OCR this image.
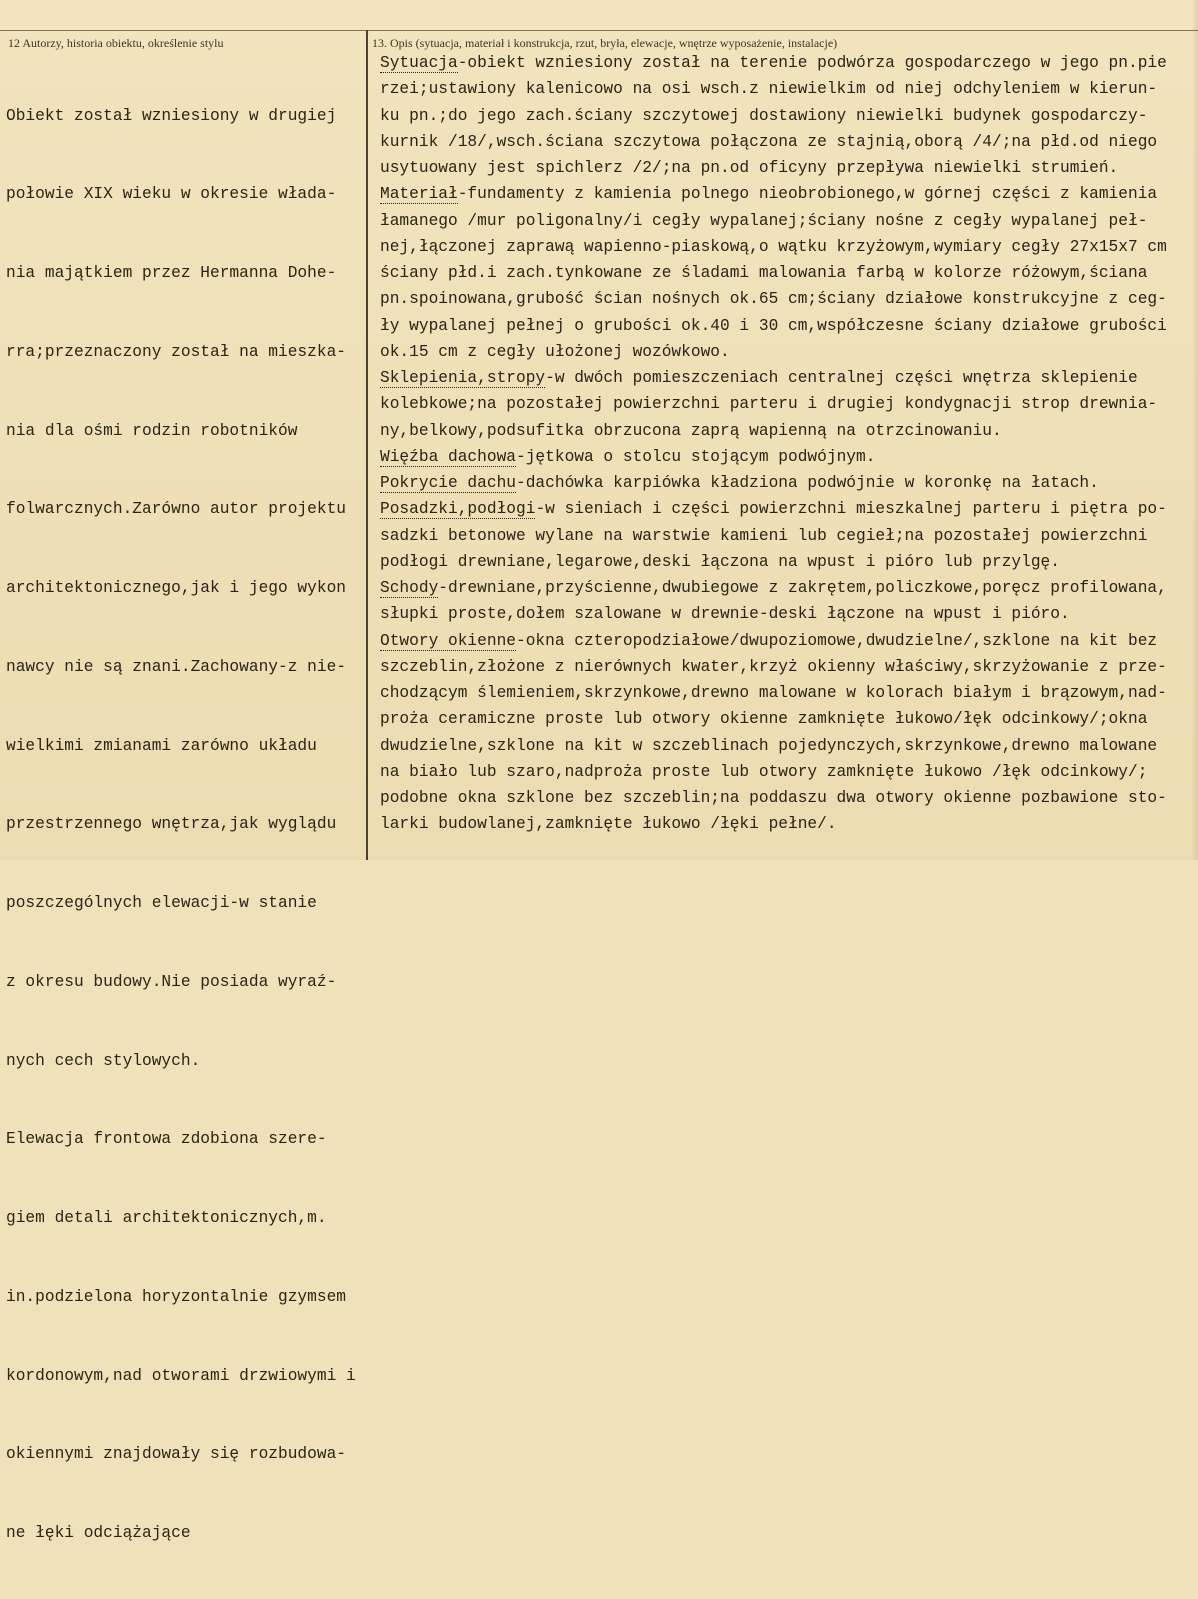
12 Autorzy, historia obiektu, określenie stylu	13. Opis (sytuacja, materiał i konstrukcja, rzut, bryła, elewacje, wnętrze wyposażenie, instalacje)

Obiekt został wzniesiony w drugiej

połowie XIX wieku w okresie władа-

nia majątkiem przez Hermanna Dohe-

rra;przeznaczony został na mieszka-

nia dla ośmi rodzin robotników

folwarcznych.Zarówno autor projektu

architektonicznego,jak i jego wykon

nawcy nie są znani.Zachowany-z nie-

wielkimi zmianami zarówno układu

przestrzennego wnętrza,jak wyglądu

poszczególnych elewacji-w stanie

z okresu budowy.Nie posiada wyraź-

nych cech stylowych.

Elewacja frontowa zdobiona szere-

giem detali architektonicznych,m.

in.podzielona horyzontalnie gzymsem

kordonowym,nad otworami drzwiowymi i

okiennymi znajdowały się rozbudowa-

ne łęki odciążające

Sytuacja-obiekt wzniesiony został na terenie podwórza gospodarczego w jego pn.pie
rzei;ustawiony kalenicowo na osi wsch.z niewielkim od niej odchyleniem w kierun-
ku pn.;do jego zach.ściany szczytowej dostawiony niewielki budynek gospodarczy-
kurnik /18/,wsch.ściana szczytowa połączona ze stajnią,oborą /4/;na płd.od niego
usytuowany jest spichlerz /2/;na pn.od oficyny przepływa niewielki strumień.
Materiał-fundamenty z kamienia polnego nieobrobionego,w górnej części z kamienia
łamanego /mur poligonalny/i cegły wypalanej;ściany nośne z cegły wypalanej peł-
nej,łączonej zaprawą wapienno-piaskową,o wątku krzyżowym,wymiary cegły 27x15x7 cm
ściany płd.i zach.tynkowane ze śladami malowania farbą w kolorze różowym,ściana
pn.spoinowana,grubość ścian nośnych ok.65 cm;ściany działowe konstrukcyjne z ceg-
ły wypalanej pełnej o grubości ok.40 i 30 cm,współczesne ściany działowe grubości
ok.15 cm z cegły ułożonej wozówkowo.
Sklepienia,stropy-w dwóch pomieszczeniach centralnej części wnętrza sklepienie
kolebkowe;na pozostałej powierzchni parteru i drugiej kondygnacji strop drewnia-
ny,belkowy,podsufitka obrzucona zaprą wapienną na otrzcinowaniu.
Więźba dachowa-jętkowa o stolcu stojącym podwójnym.
Pokrycie dachu-dachówka karpiówka kładziona podwójnie w koronkę na łatach.
Posadzki,podłogi-w sieniach i części powierzchni mieszkalnej parteru i piętra po-
sadzki betonowe wylane na warstwie kamieni lub cegieł;na pozostałej powierzchni
podłogi drewniane,legarowe,deski łączona na wpust i pióro lub przylgę.
Schody-drewniane,przyścienne,dwubiegowe z zakrętem,policzkowe,poręcz profilowana,
słupki proste,dołem szalowane w drewnie-deski łączone na wpust i pióro.
Otwory okienne-okna czteropodziałowe/dwupoziomowe,dwudzielne/,szklone na kit bez
szczeblin,złożone z nierównych kwater,krzyż okienny właściwy,skrzyżowanie z prze-
chodzącym ślemieniem,skrzynkowe,drewno malowane w kolorach białym i brązowym,nad-
proża ceramiczne proste lub otwory okienne zamknięte łukowo/łęk odcinkowy/;okna
dwudzielne,szklone na kit w szczeblinach pojedynczych,skrzynkowe,drewno malowane
na biało lub szaro,nadproża proste lub otwory zamknięte łukowo /łęk odcinkowy/;
podobne okna szklone bez szczeblin;na poddaszu dwa otwory okienne pozbawione sto-
larki budowlanej,zamknięte łukowo /łęki pełne/.
